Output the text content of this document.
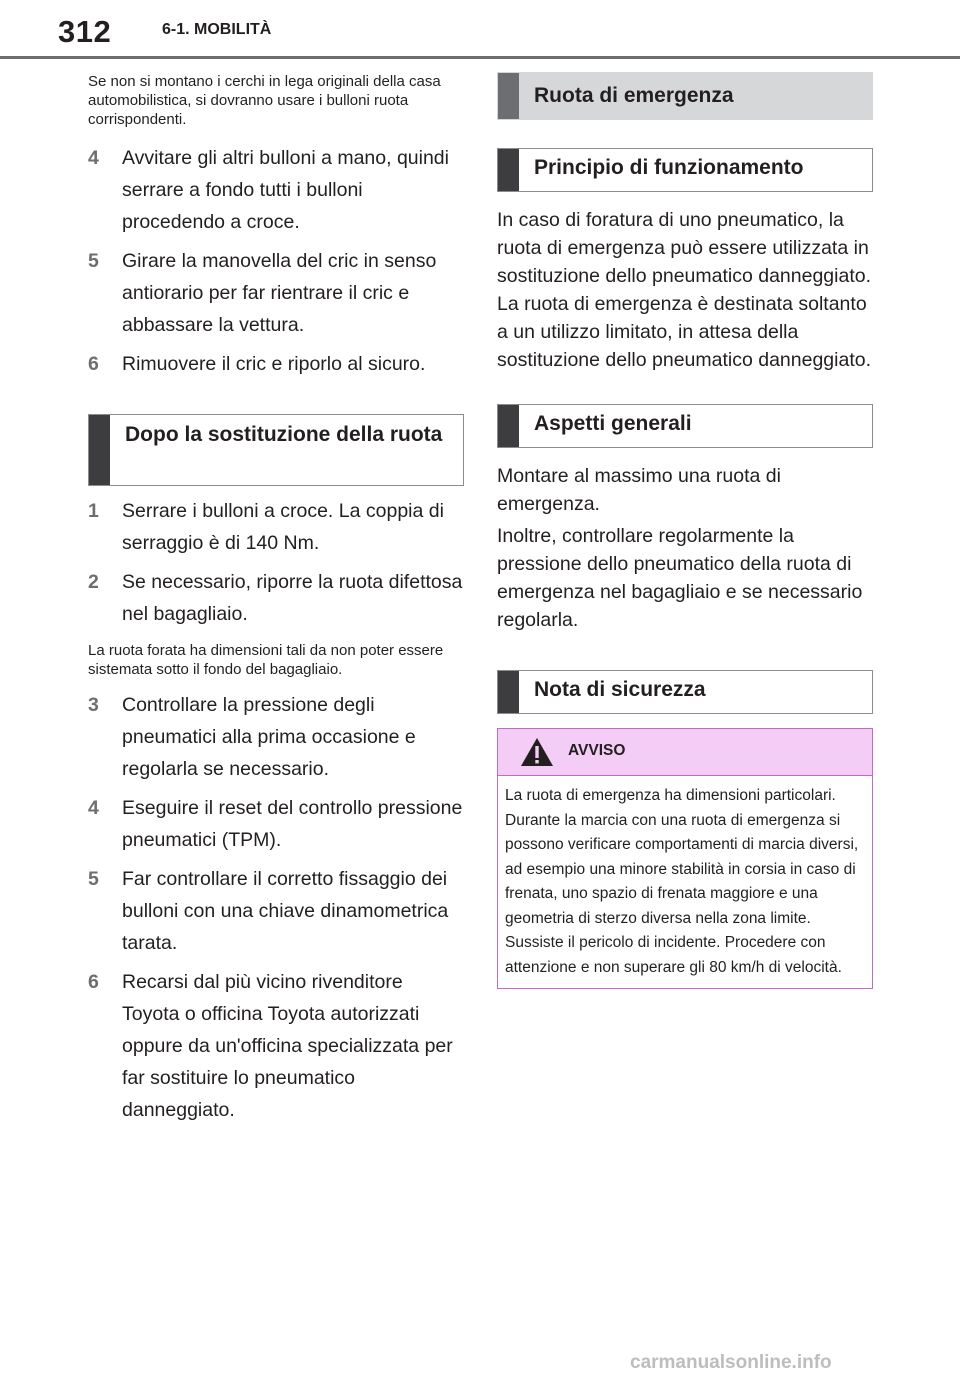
312	6-1. MOBILITÀ

Se non si montano i cerchi in lega originali della casa automobilistica, si dovranno usare i bulloni ruota corrispondenti.

4	Avvitare gli altri bulloni a mano, quindi serrare a fondo tutti i bulloni procedendo a croce.
5	Girare la manovella del cric in senso antiorario per far rientrare il cric e abbassare la vettura.
6	Rimuovere il cric e riporlo al sicuro.
Dopo la sostituzione della ruota
1	Serrare i bulloni a croce. La coppia di serraggio è di 140 Nm.
2	Se necessario, riporre la ruota difettosa nel bagagliaio.

La ruota forata ha dimensioni tali da non poter essere sistemata sotto il fondo del bagagliaio.

3	Controllare la pressione degli pneumatici alla prima occasione e regolarla se necessario.
4	Eseguire il reset del controllo pressione pneumatici (TPM).
5	Far controllare il corretto fissaggio dei bulloni con una chiave dinamometrica tarata.
6	Recarsi dal più vicino rivenditore Toyota o officina Toyota autorizzati oppure da un'officina specializzata per far sostituire lo pneumatico danneggiato.
Ruota di emergenza
Principio di funzionamento

In caso di foratura di uno pneumatico, la ruota di emergenza può essere utilizzata in sostituzione dello pneumatico danneggiato. La ruota di emergenza è destinata soltanto a un utilizzo limitato, in attesa della sostituzione dello pneumatico danneggiato.

Aspetti generali

Montare al massimo una ruota di emergenza.

Inoltre, controllare regolarmente la pressione dello pneumatico della ruota di emergenza nel bagagliaio e se necessario regolarla.

Nota di sicurezza
AVVISO
La ruota di emergenza ha dimensioni particolari. Durante la marcia con una ruota di emergenza si possono verificare comportamenti di marcia diversi, ad esempio una minore stabilità in corsia in caso di frenata, uno spazio di frenata maggiore e una geometria di sterzo diversa nella zona limite. Sussiste il pericolo di incidente. Procedere con attenzione e non superare gli 80 km/h di velocità.
carmanualsonline.info
